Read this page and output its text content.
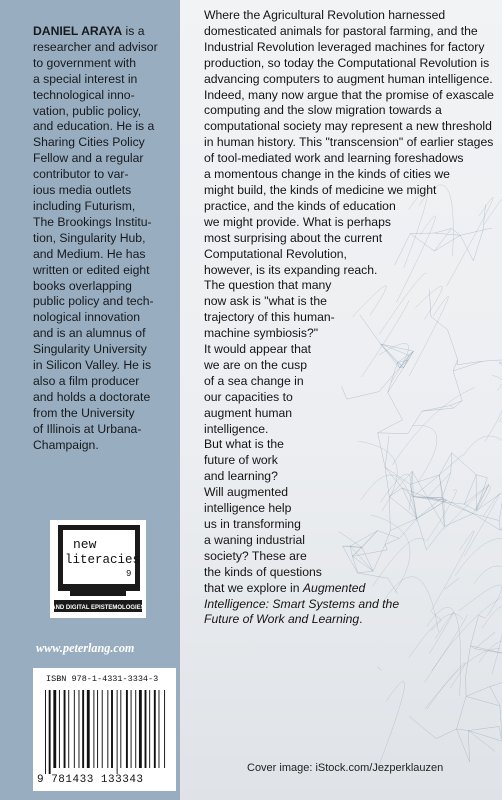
DANIEL ARAYA is a
researcher and advisor
to government with
a special interest in
technological inno-
vation, public policy,
and education. He is a
Sharing Cities Policy
Fellow and a regular
contributor to var-
ious media outlets
including Futurism,
The Brookings Institu-
tion, Singularity Hub,
and Medium. He has
written or edited eight
books overlapping
public policy and tech-
nological innovation
and is an alumnus of
Singularity University
in Silicon Valley. He is
also a film producer
and holds a doctorate
from the University
of Illinois at Urbana-
Champaign.
new
literacies
9
AND DIGITAL EPISTEMOLOGIES
www.peterlang.com
ISBN 978-1-4331-3334-3
9 781433 133343
Where the Agricultural Revolution harnessed
domesticated animals for pastoral farming, and the
Industrial Revolution leveraged machines for factory
production, so today the Computational Revolution is
advancing computers to augment human intelligence.
Indeed, many now argue that the promise of exascale
computing and the slow migration towards a
computational society may represent a new threshold
in human history. This "transcension" of earlier stages
of tool-mediated work and learning foreshadows
a momentous change in the kinds of cities we
might build, the kinds of medicine we might
practice, and the kinds of education
we might provide. What is perhaps
most surprising about the current
Computational Revolution,
however, is its expanding reach.
The question that many
now ask is "what is the
trajectory of this human-
machine symbiosis?"
It would appear that
we are on the cusp
of a sea change in
our capacities to
augment human
intelligence.
But what is the
future of work
and learning?
Will augmented
intelligence help
us in transforming
a waning industrial
society? These are
the kinds of questions
that we explore in Augmented
Intelligence: Smart Systems and the
Future of Work and Learning.
Cover image: iStock.com/Jezperklauzen
